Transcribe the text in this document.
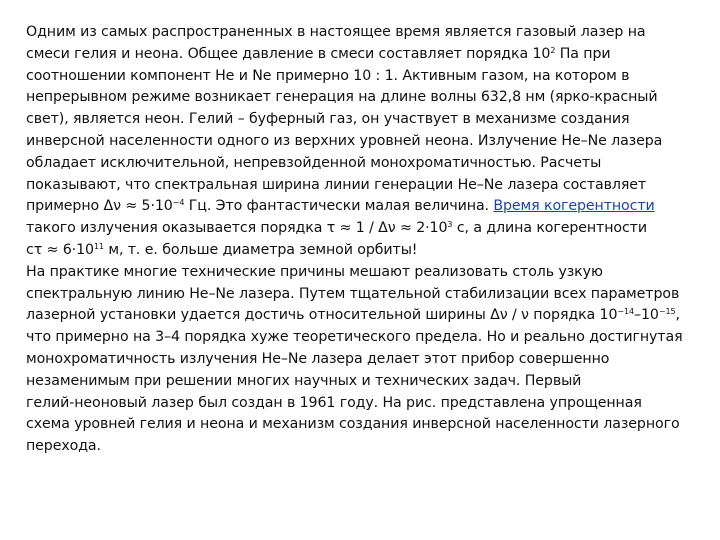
Одним из самых распространенных в настоящее время является газовый лазер на
смеси гелия и неона. Общее давление в смеси составляет порядка $10^2$ Па при
соотношении компонент He и Ne примерно 10 : 1. Активным газом, на котором в
непрерывном режиме возникает генерация на длине волны 632,8 нм (ярко-красный
свет), является неон. Гелий – буферный газ, он участвует в механизме создания
инверсной населенности одного из верхних уровней неона. Излучение He–Ne лазера
обладает исключительной, непревзойденной монохроматичностью. Расчеты
показывают, что спектральная ширина линии генерации He–Ne лазера составляет
примерно $\Delta\nu \approx 5\cdot 10^{-4}$ Гц. Это фантастически малая величина. Время когерентности
такого излучения оказывается порядка $\tau \approx 1 / \Delta\nu \approx 2\cdot 10^3$ с, а длина когерентности
$c\tau \approx 6\cdot 10^{11}$ м, т. е. больше диаметра земной орбиты!
На практике многие технические причины мешают реализовать столь узкую
спектральную линию He–Ne лазера. Путем тщательной стабилизации всех параметров
лазерной установки удается достичь относительной ширины Δν / ν порядка $10^{-14}-10^{-15}$,
что примерно на 3–4 порядка хуже теоретического предела. Но и реально достигнутая
монохроматичность излучения He–Ne лазера делает этот прибор совершенно
незаменимым при решении многих научных и технических задач. Первый
гелий-неоновый лазер был создан в 1961 году. На рис. представлена упрощенная
схема уровней гелия и неона и механизм создания инверсной населенности лазерного
перехода.
